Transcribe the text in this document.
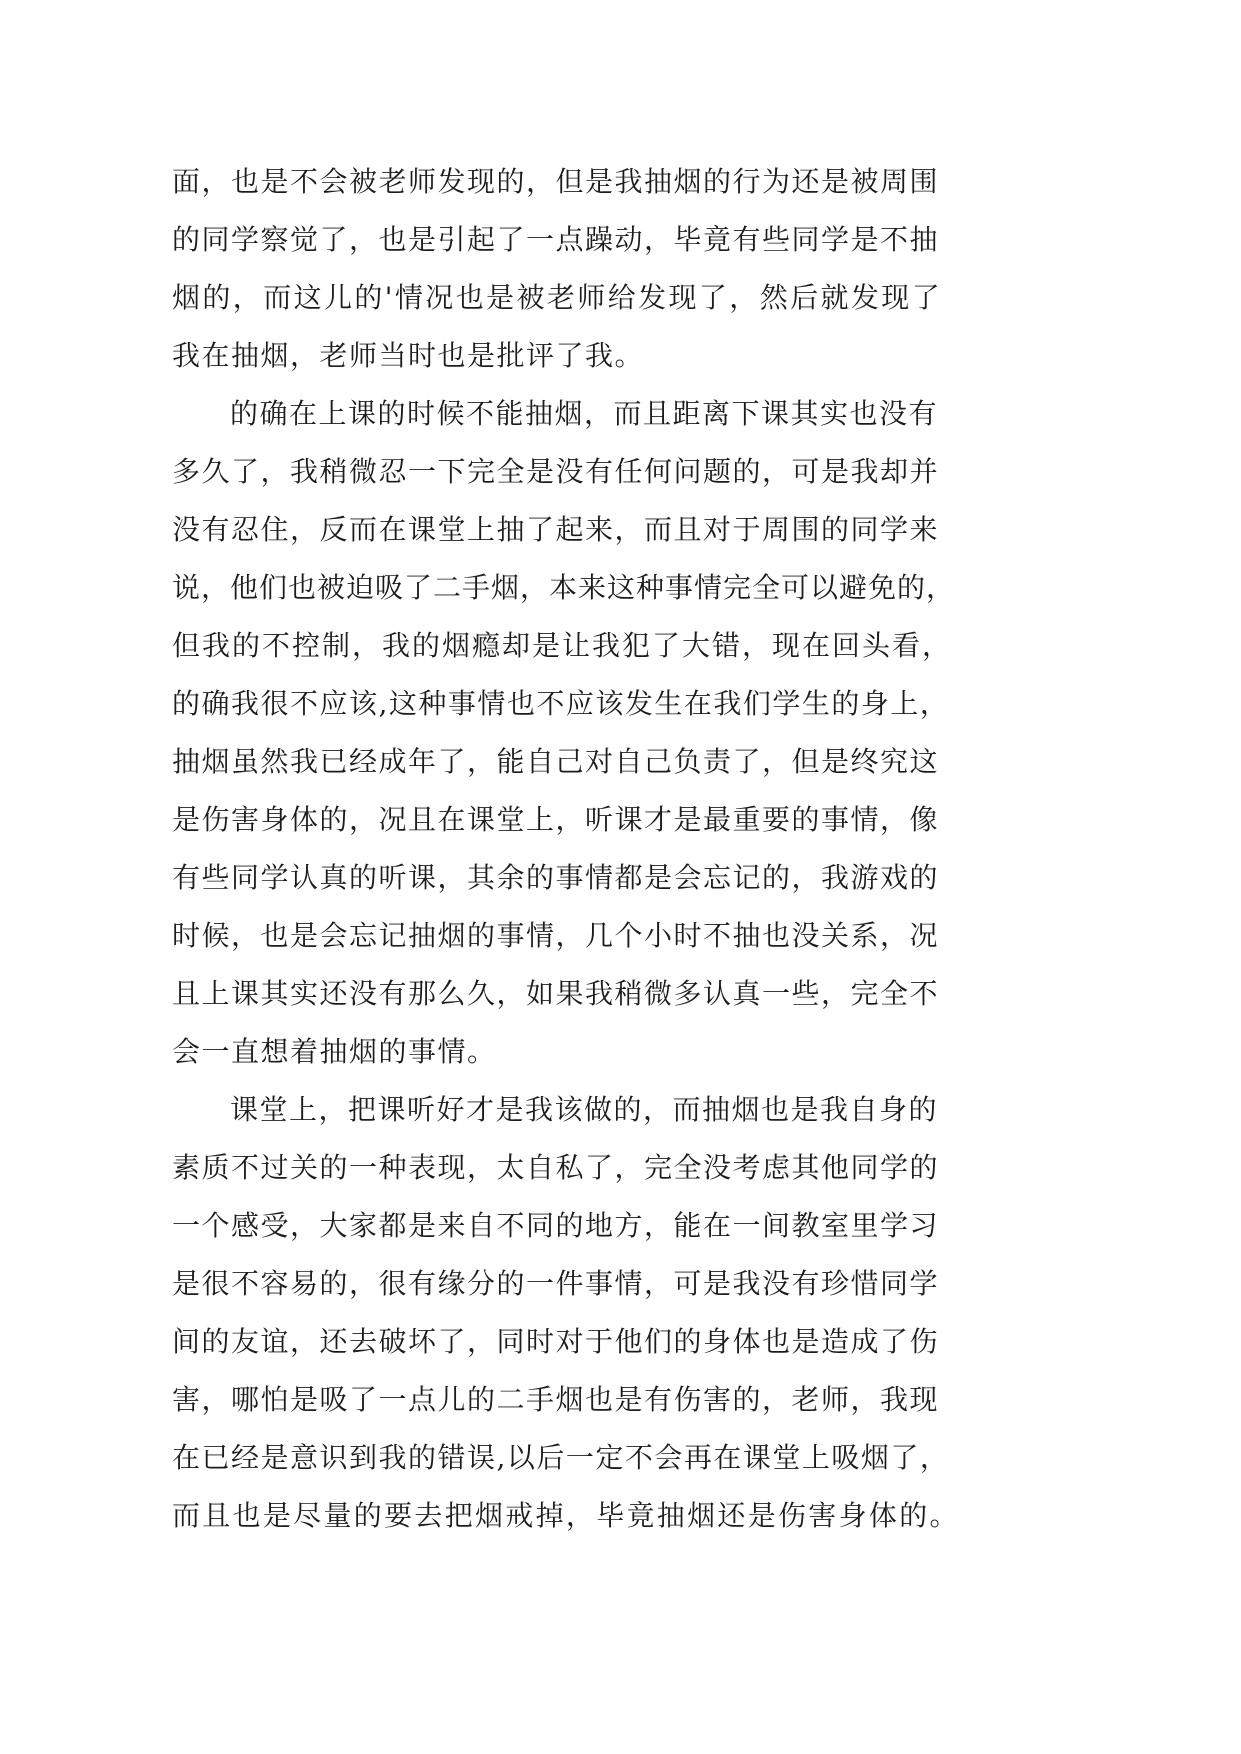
面，也是不会被老师发现的，但是我抽烟的行为还是被周围
的同学察觉了，也是引起了一点躁动，毕竟有些同学是不抽
烟的，而这儿的'情况也是被老师给发现了，然后就发现了
我在抽烟，老师当时也是批评了我。
的确在上课的时候不能抽烟，而且距离下课其实也没有
多久了，我稍微忍一下完全是没有任何问题的，可是我却并
没有忍住，反而在课堂上抽了起来，而且对于周围的同学来
说，他们也被迫吸了二手烟，本来这种事情完全可以避免的，
但我的不控制，我的烟瘾却是让我犯了大错，现在回头看，
的确我很不应该,这种事情也不应该发生在我们学生的身上，
抽烟虽然我已经成年了，能自己对自己负责了，但是终究这
是伤害身体的，况且在课堂上，听课才是最重要的事情，像
有些同学认真的听课，其余的事情都是会忘记的，我游戏的
时候，也是会忘记抽烟的事情，几个小时不抽也没关系，况
且上课其实还没有那么久，如果我稍微多认真一些，完全不
会一直想着抽烟的事情。
课堂上，把课听好才是我该做的，而抽烟也是我自身的
素质不过关的一种表现，太自私了，完全没考虑其他同学的
一个感受，大家都是来自不同的地方，能在一间教室里学习
是很不容易的，很有缘分的一件事情，可是我没有珍惜同学
间的友谊，还去破坏了，同时对于他们的身体也是造成了伤
害，哪怕是吸了一点儿的二手烟也是有伤害的，老师，我现
在已经是意识到我的错误,以后一定不会再在课堂上吸烟了，
而且也是尽量的要去把烟戒掉，毕竟抽烟还是伤害身体的。
